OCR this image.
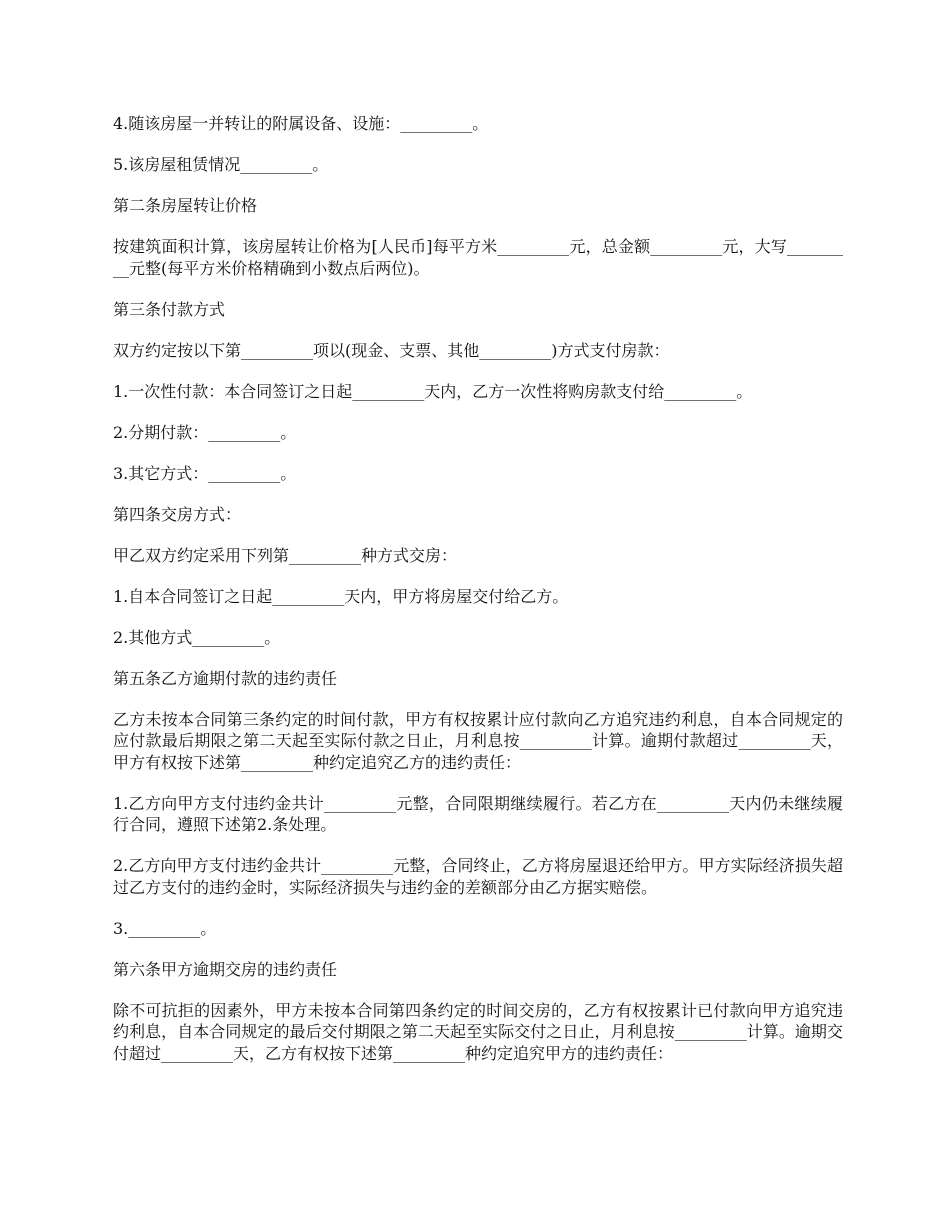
4.随该房屋一并转让的附属设备、设施：_________。

5.该房屋租赁情况_________。

第二条房屋转让价格

按建筑面积计算，该房屋转让价格为[人民币]每平方米_________元，总金额_________元，大写_________元整(每平方米价格精确到小数点后两位)。

第三条付款方式

双方约定按以下第_________项以(现金、支票、其他_________)方式支付房款：

1.一次性付款：本合同签订之日起_________天内，乙方一次性将购房款支付给_________。

2.分期付款：_________。

3.其它方式：_________。

第四条交房方式：

甲乙双方约定采用下列第_________种方式交房：

1.自本合同签订之日起_________天内，甲方将房屋交付给乙方。

2.其他方式_________。

第五条乙方逾期付款的违约责任

乙方未按本合同第三条约定的时间付款，甲方有权按累计应付款向乙方追究违约利息，自本合同规定的应付款最后期限之第二天起至实际付款之日止，月利息按_________计算。逾期付款超过_________天，甲方有权按下述第_________种约定追究乙方的违约责任：

1.乙方向甲方支付违约金共计_________元整，合同限期继续履行。若乙方在_________天内仍未继续履行合同，遵照下述第2.条处理。

2.乙方向甲方支付违约金共计_________元整，合同终止，乙方将房屋退还给甲方。甲方实际经济损失超过乙方支付的违约金时，实际经济损失与违约金的差额部分由乙方据实赔偿。

3._________。

第六条甲方逾期交房的违约责任

除不可抗拒的因素外，甲方未按本合同第四条约定的时间交房的，乙方有权按累计已付款向甲方追究违约利息，自本合同规定的最后交付期限之第二天起至实际交付之日止，月利息按_________计算。逾期交付超过_________天，乙方有权按下述第_________种约定追究甲方的违约责任：
